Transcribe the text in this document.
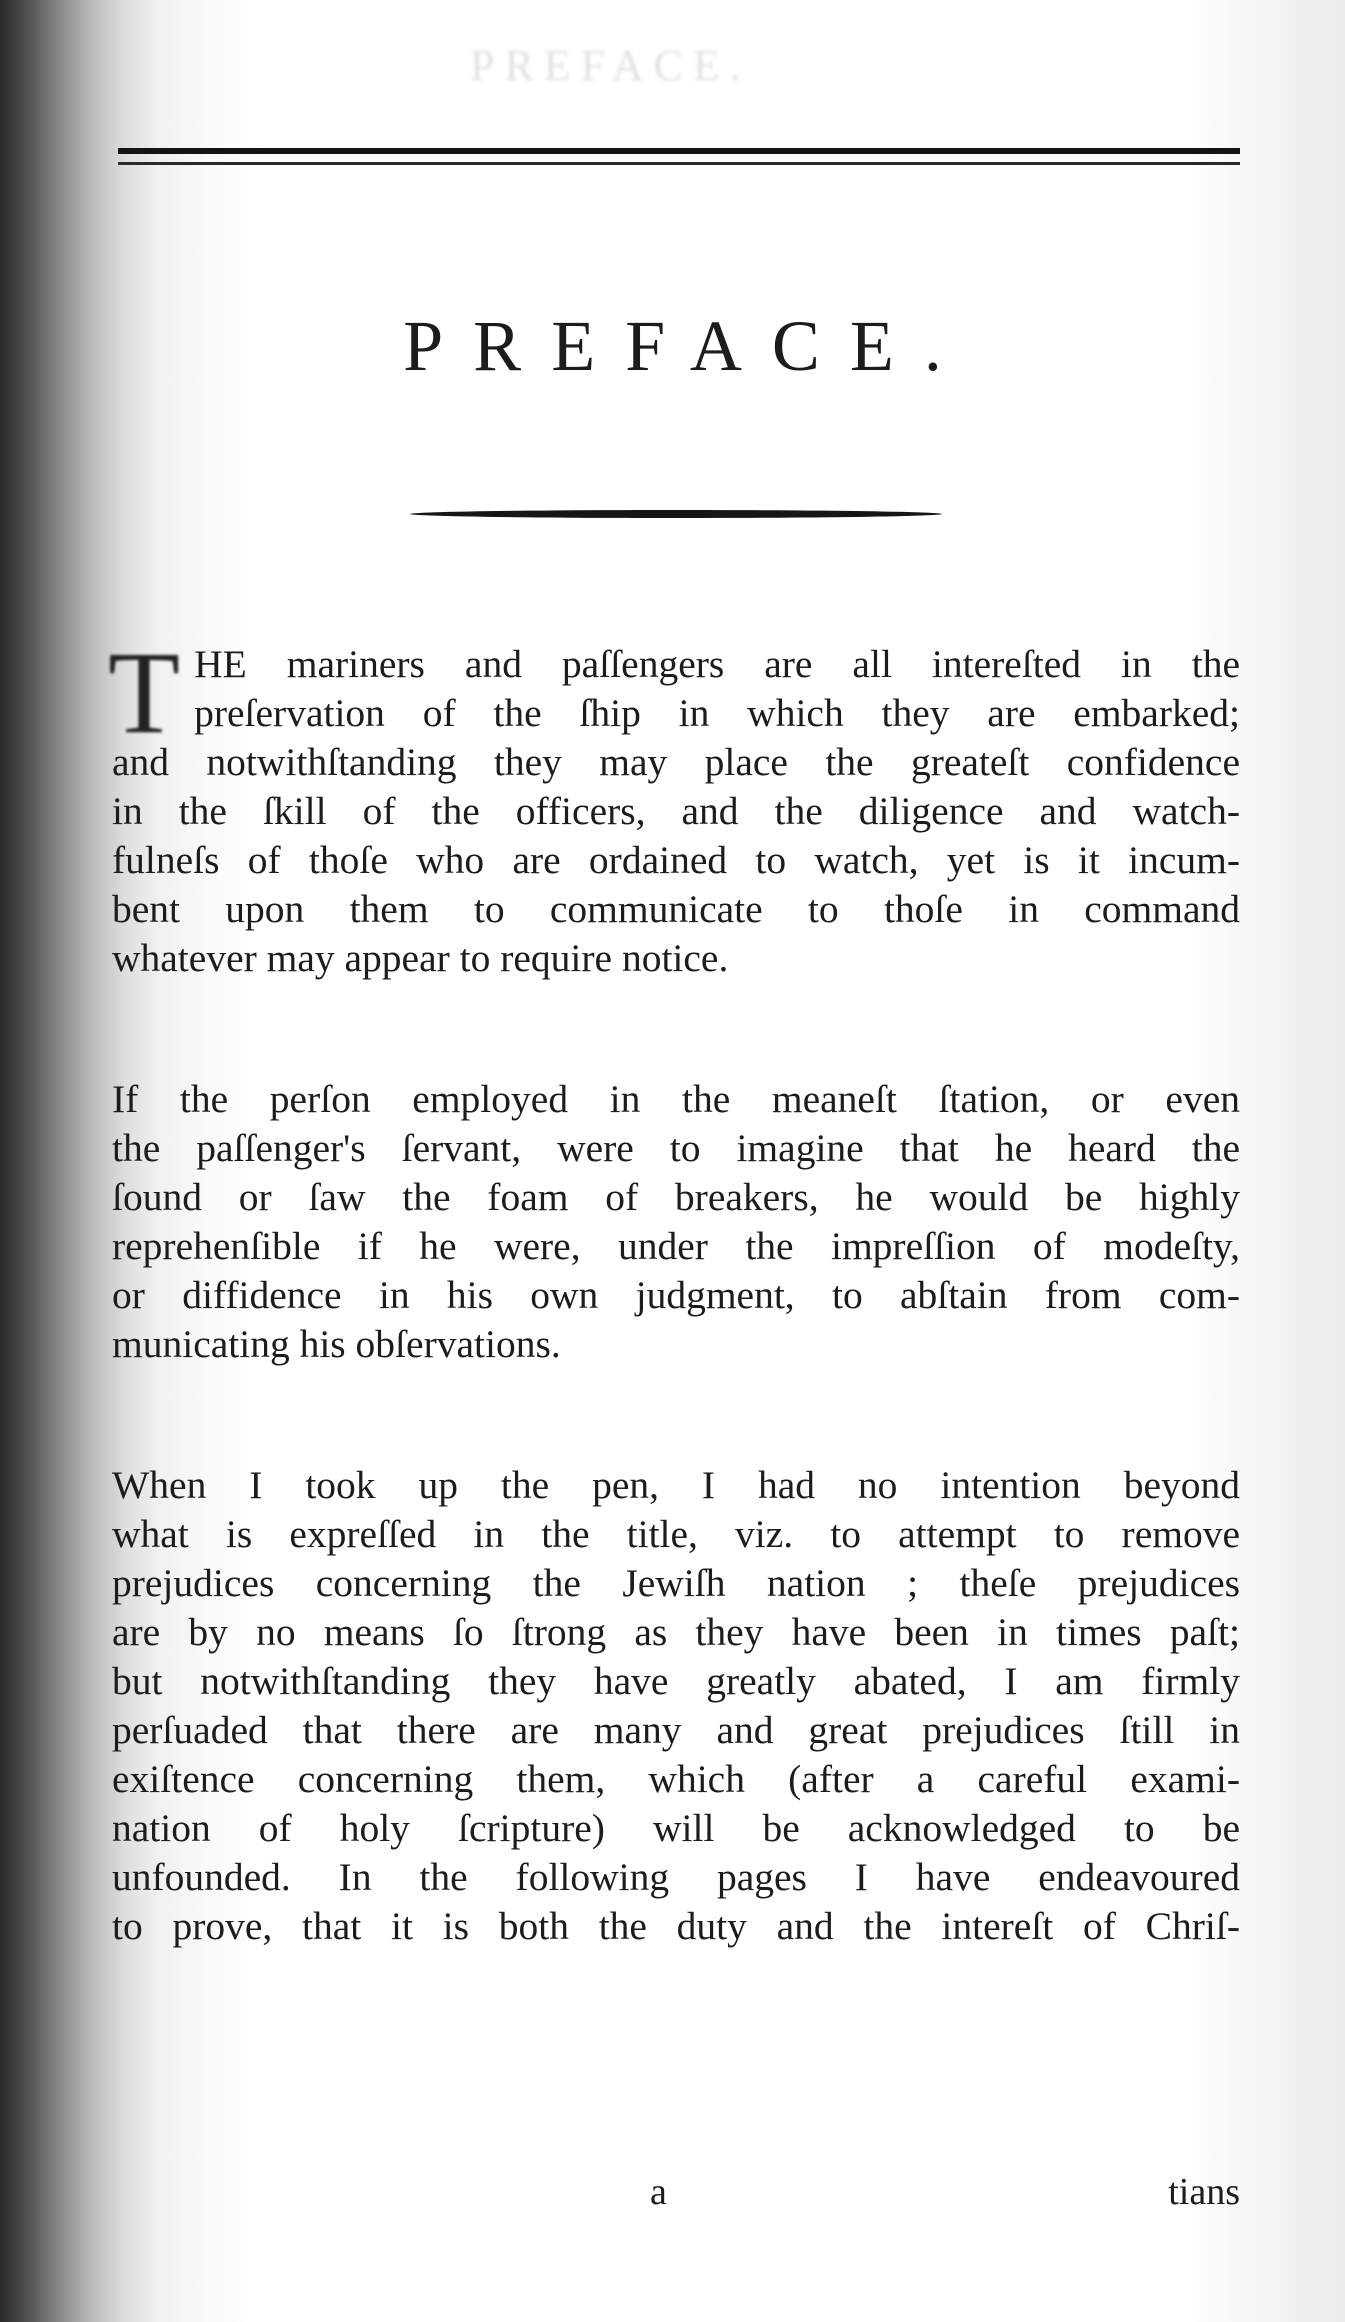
PREFACE.
PREFACE.
T HE mariners and paſſengers are all intereſted in the
preſervation of the ſhip in which they are embarked;
and notwithſtanding they may place the greateſt confidence
in the ſkill of the officers, and the diligence and watch-
fulneſs of thoſe who are ordained to watch, yet is it incum-
bent upon them to communicate to thoſe in command
whatever may appear to require notice.
If the perſon employed in the meaneſt ſtation, or even
the paſſenger's ſervant, were to imagine that he heard the
ſound or ſaw the foam of breakers, he would be highly
reprehenſible if he were, under the impreſſion of modeſty,
or diffidence in his own judgment, to abſtain from com-
municating his obſervations.
When I took up the pen, I had no intention beyond
what is expreſſed in the title, viz. to attempt to remove
prejudices concerning the Jewiſh nation ; theſe prejudices
are by no means ſo ſtrong as they have been in times paſt;
but notwithſtanding they have greatly abated, I am firmly
perſuaded that there are many and great prejudices ſtill in
exiſtence concerning them, which (after a careful exami-
nation of holy ſcripture) will be acknowledged to be
unfounded. In the following pages I have endeavoured
to prove, that it is both the duty and the intereſt of Chriſ-
a	tians
